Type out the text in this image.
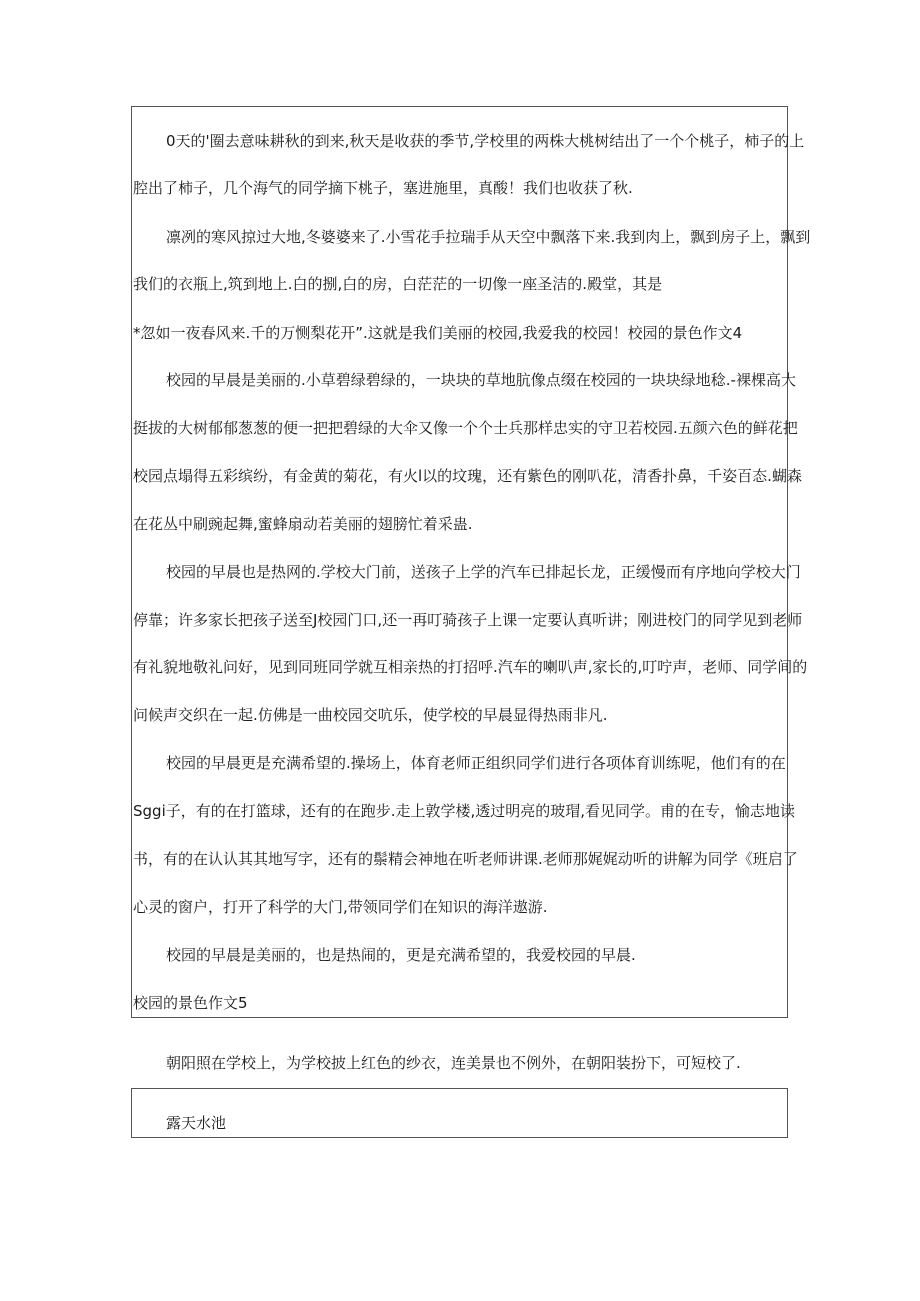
0天的'圈去意味耕秋的到来,秋天是收获的季节,学校里的两株大桃树结出了一个个桃子，柿子的上
腔出了柿子，几个海气的同学摘下桃子，塞进施里，真酸！我们也收获了秋.
凛冽的寒风掠过大地,冬婆婆来了.小雪花手拉瑞手从天空中飘落下来.我到肉上，飘到房子上，飘到
我们的衣瓶上,筑到地上.白的捌,白的房，白茫茫的一切像一座圣洁的.殿堂，其是
*忽如一夜春风来.千的万恻梨花开”.这就是我们美丽的校园,我爱我的校园！校园的景色作文4
校园的早晨是美丽的.小草碧绿碧绿的，一块块的草地肮像点缀在校园的一块块绿地稔.-裸棵高大
挺拔的大树郁郁葱葱的便一把把碧绿的大伞又像一个个士兵那样忠实的守卫若校园.五颜六色的鲜花把
校园点塌得五彩缤纷，有金黄的菊花，有火l以的坟瑰，还有紫色的刚叭花，清香扑鼻，千姿百态.蝴森
在花丛中刷豌起舞,蜜蜂扇动若美丽的翅膀忙着采蛊.
校园的早晨也是热网的.学校大门前，送孩子上学的汽车已排起长龙，正缓慢而有序地向学校大门
停靠；许多家长把孩子送至J校园门口,还一再叮骑孩子上课一定要认真听讲；刚进校门的同学见到老师
有礼貌地敬礼问好，见到同班同学就互相亲热的打招呼.汽车的喇叭声,家长的,叮咛声，老师、同学间的
问候声交织在一起.仿佛是一曲校园交吭乐，使学校的早晨显得热雨非凡.
校园的早晨更是充满希望的.操场上，体育老师正组织同学们进行各项体育训练呢，他们有的在
Sggi子，有的在打篮球，还有的在跑步.走上敦学楼,透过明亮的玻瑁,看见同学。甫的在专，愉志地读
书，有的在认认其其地写字，还有的鬃精会神地在听老师讲课.老师那娓娓动听的讲解为同学《班启了
心灵的窗户，打开了科学的大门,带领同学们在知识的海洋遨游.
校园的早晨是美丽的，也是热闹的，更是充满希望的，我爱校园的早晨.
校园的景色作文5
朝阳照在学校上，为学校披上红色的纱衣，连美景也不例外，在朝阳装扮下，可短校了.
露天水池
